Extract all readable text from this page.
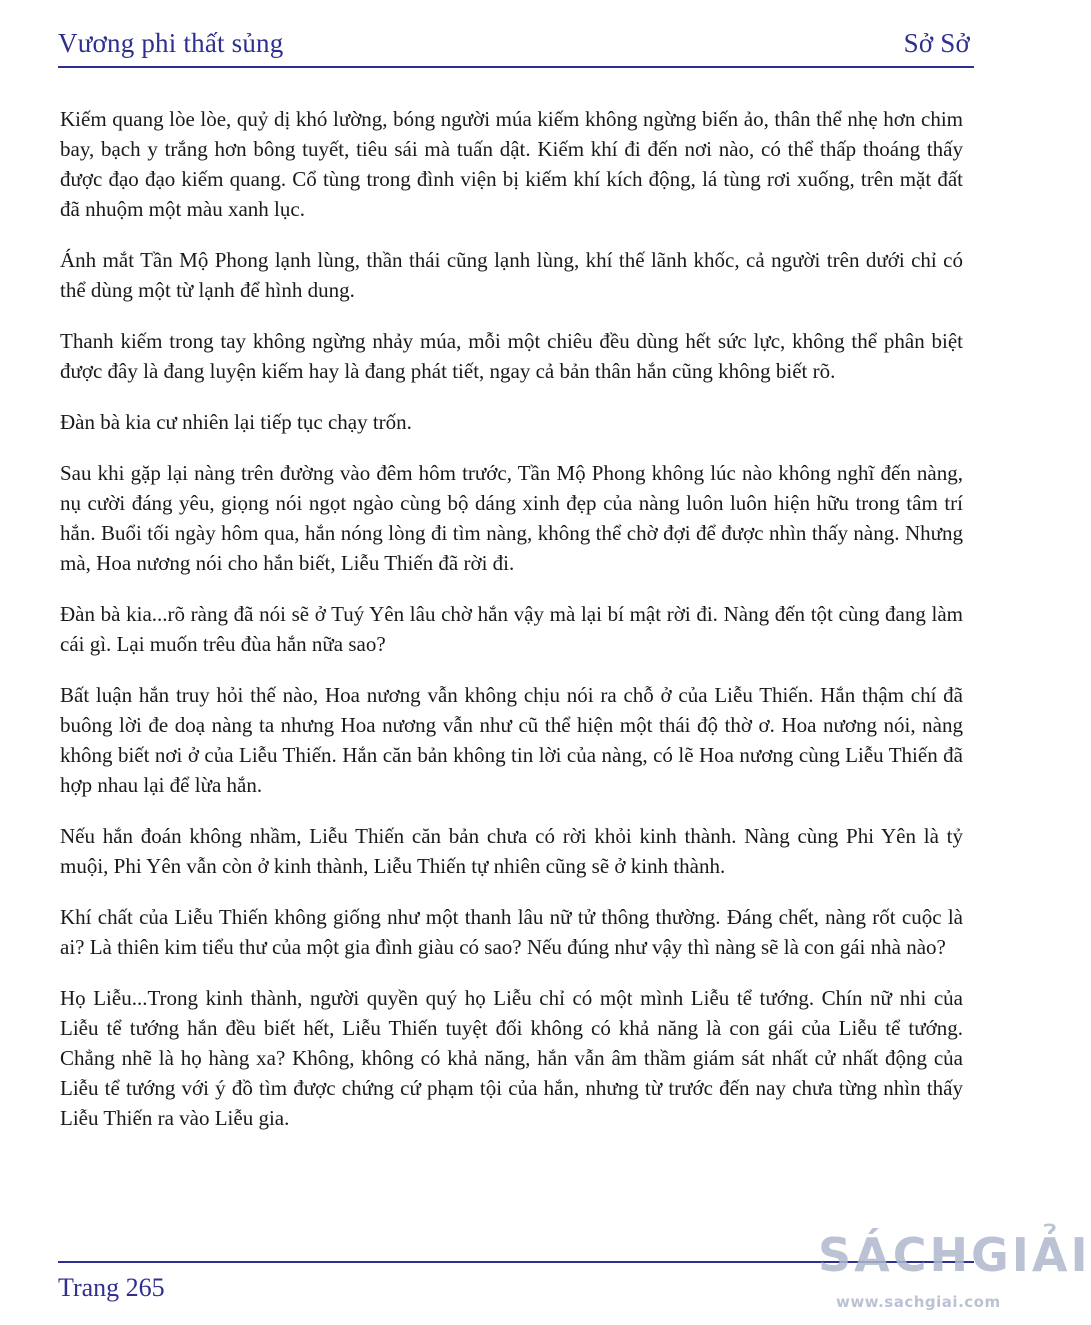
Vương phi thất sủng	Sở Sở

Kiếm quang lòe lòe, quỷ dị khó lường, bóng người múa kiếm không ngừng biến ảo, thân thể nhẹ hơn chim bay, bạch y trắng hơn bông tuyết, tiêu sái mà tuấn dật. Kiếm khí đi đến nơi nào, có thể thấp thoáng thấy được đạo đạo kiếm quang. Cổ tùng trong đình viện bị kiếm khí kích động, lá tùng rơi xuống, trên mặt đất đã nhuộm một màu xanh lục.

Ánh mắt Tần Mộ Phong lạnh lùng, thần thái cũng lạnh lùng, khí thế lãnh khốc, cả người trên dưới chỉ có thể dùng một từ lạnh để hình dung.

Thanh kiếm trong tay không ngừng nhảy múa, mỗi một chiêu đều dùng hết sức lực, không thể phân biệt được đây là đang luyện kiếm hay là đang phát tiết, ngay cả bản thân hắn cũng không biết rõ.

Đàn bà kia cư nhiên lại tiếp tục chạy trốn.

Sau khi gặp lại nàng trên đường vào đêm hôm trước, Tần Mộ Phong không lúc nào không nghĩ đến nàng, nụ cười đáng yêu, giọng nói ngọt ngào cùng bộ dáng xinh đẹp của nàng luôn luôn hiện hữu trong tâm trí hắn. Buổi tối ngày hôm qua, hắn nóng lòng đi tìm nàng, không thể chờ đợi để được nhìn thấy nàng. Nhưng mà, Hoa nương nói cho hắn biết, Liễu Thiến đã rời đi.

Đàn bà kia...rõ ràng đã nói sẽ ở Tuý Yên lâu chờ hắn vậy mà lại bí mật rời đi. Nàng đến tột cùng đang làm cái gì. Lại muốn trêu đùa hắn nữa sao?

Bất luận hắn truy hỏi thế nào, Hoa nương vẫn không chịu nói ra chỗ ở của Liễu Thiến. Hắn thậm chí đã buông lời đe doạ nàng ta nhưng Hoa nương vẫn như cũ thể hiện một thái độ thờ ơ. Hoa nương nói, nàng không biết nơi ở của Liễu Thiến. Hắn căn bản không tin lời của nàng, có lẽ Hoa nương cùng Liễu Thiến đã hợp nhau lại để lừa hắn.

Nếu hắn đoán không nhầm, Liễu Thiến căn bản chưa có rời khỏi kinh thành. Nàng cùng Phi Yên là tỷ muội, Phi Yên vẫn còn ở kinh thành, Liễu Thiến tự nhiên cũng sẽ ở kinh thành.

Khí chất của Liễu Thiến không giống như một thanh lâu nữ tử thông thường. Đáng chết, nàng rốt cuộc là ai? Là thiên kim tiểu thư của một gia đình giàu có sao? Nếu đúng như vậy thì nàng sẽ là con gái nhà nào?

Họ Liễu...Trong kinh thành, người quyền quý họ Liễu chỉ có một mình Liễu tể tướng. Chín nữ nhi của Liễu tể tướng hắn đều biết hết, Liễu Thiến tuyệt đối không có khả năng là con gái của Liễu tể tướng. Chẳng nhẽ là họ hàng xa? Không, không có khả năng, hắn vẫn âm thầm giám sát nhất cử nhất động của Liễu tể tướng với ý đồ tìm được chứng cứ phạm tội của hắn, nhưng từ trước đến nay chưa từng nhìn thấy Liễu Thiến ra vào Liễu gia.

Trang 265
SÁCHGIẢI
www.sachgiai.com
